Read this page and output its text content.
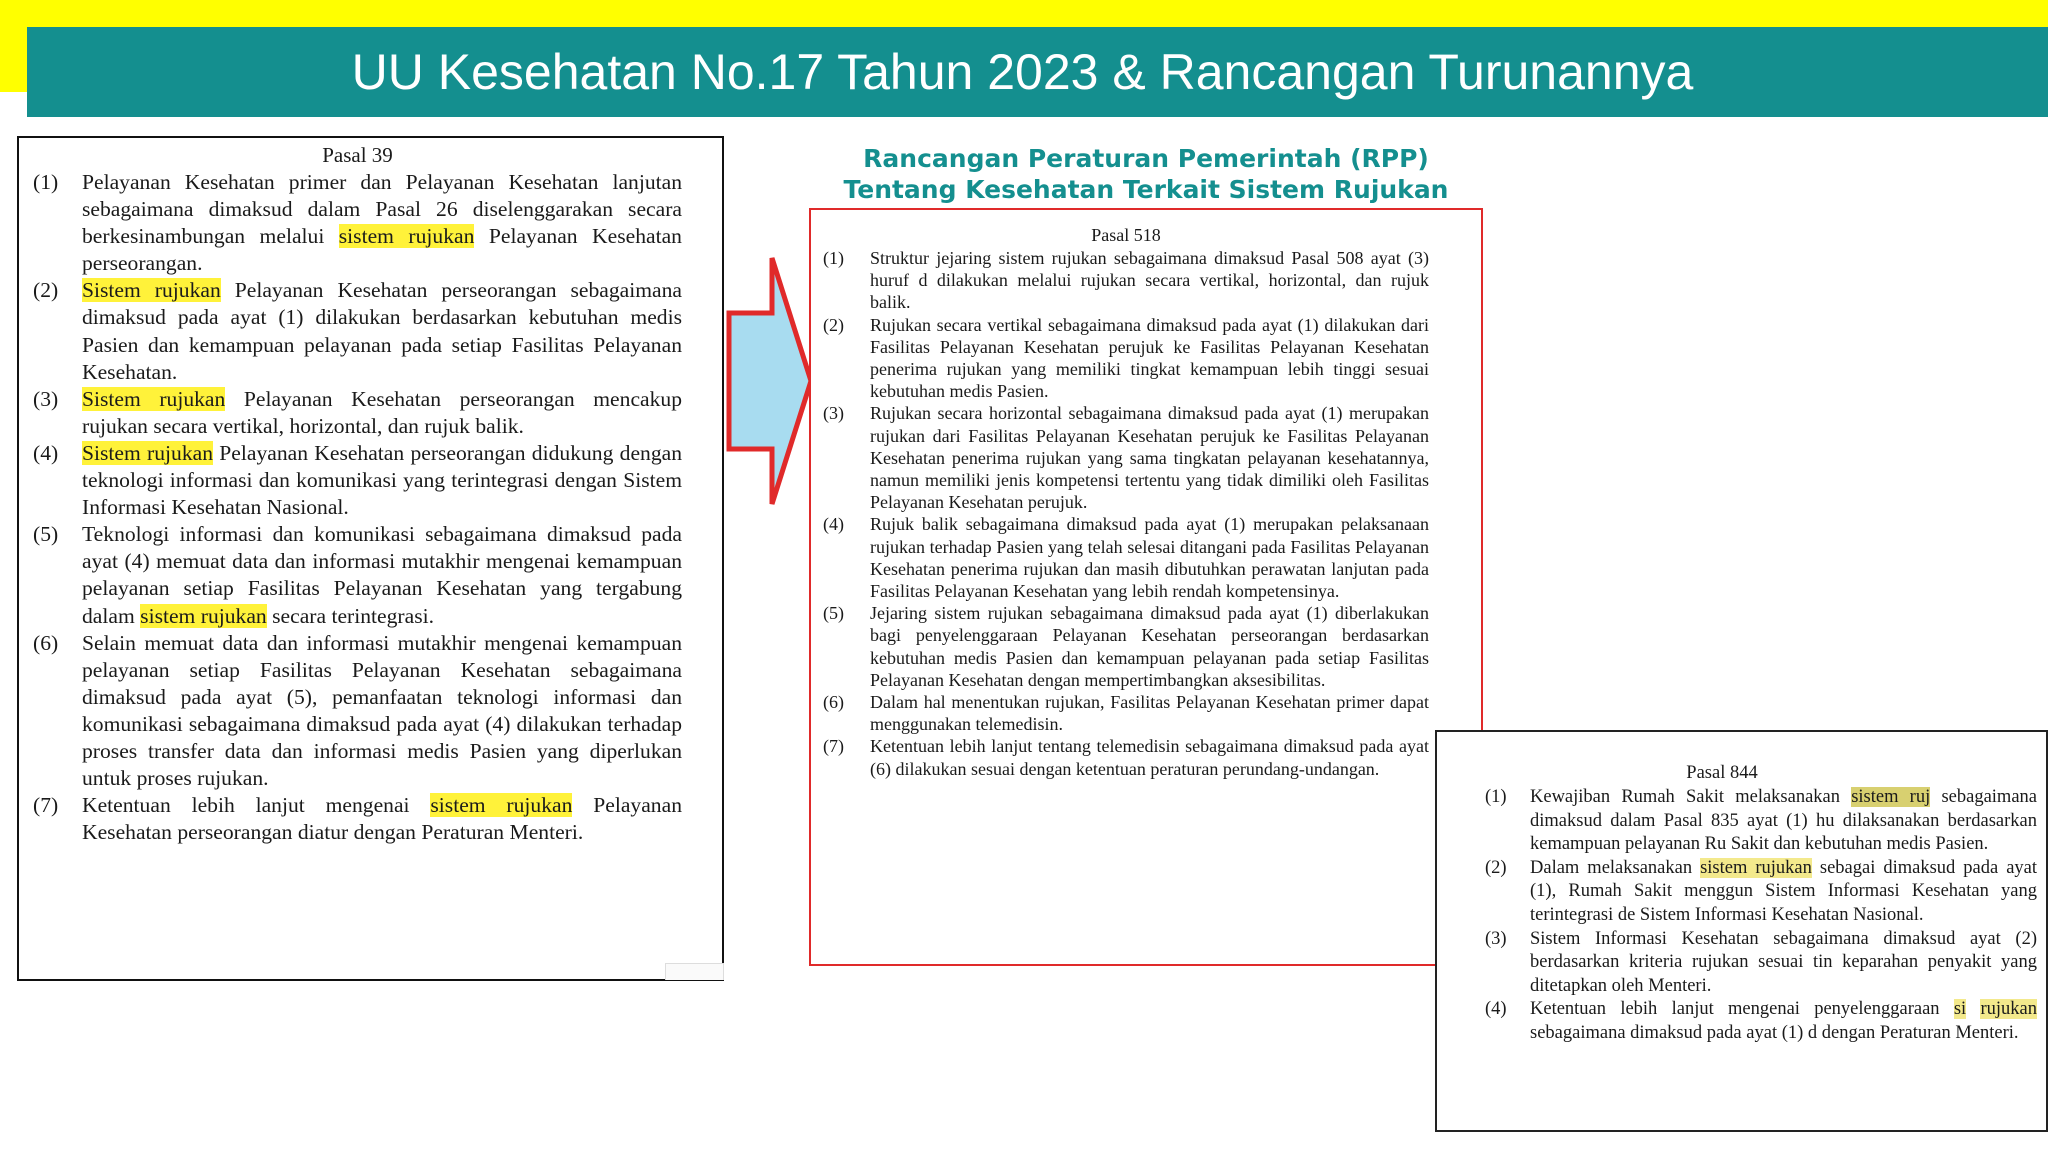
UU Kesehatan No.17 Tahun 2023 & Rancangan Turunannya

Pasal 39

(1)	Pelayanan Kesehatan primer dan Pelayanan Kesehatan lanjutan sebagaimana dimaksud dalam Pasal 26 diselenggarakan secara berkesinambungan melalui sistem rujukan Pelayanan Kesehatan perseorangan.
(2)	Sistem rujukan Pelayanan Kesehatan perseorangan sebagaimana dimaksud pada ayat (1) dilakukan berdasarkan kebutuhan medis Pasien dan kemampuan pelayanan pada setiap Fasilitas Pelayanan Kesehatan.
(3)	Sistem rujukan Pelayanan Kesehatan perseorangan mencakup rujukan secara vertikal, horizontal, dan rujuk balik.
(4)	Sistem rujukan Pelayanan Kesehatan perseorangan didukung dengan teknologi informasi dan komunikasi yang terintegrasi dengan Sistem Informasi Kesehatan Nasional.
(5)	Teknologi informasi dan komunikasi sebagaimana dimaksud pada ayat (4) memuat data dan informasi mutakhir mengenai kemampuan pelayanan setiap Fasilitas Pelayanan Kesehatan yang tergabung dalam sistem rujukan secara terintegrasi.
(6)	Selain memuat data dan informasi mutakhir mengenai kemampuan pelayanan setiap Fasilitas Pelayanan Kesehatan sebagaimana dimaksud pada ayat (5), pemanfaatan teknologi informasi dan komunikasi sebagaimana dimaksud pada ayat (4) dilakukan terhadap proses transfer data dan informasi medis Pasien yang diperlukan untuk proses rujukan.
(7)	Ketentuan lebih lanjut mengenai sistem rujukan Pelayanan Kesehatan perseorangan diatur dengan Peraturan Menteri.
Rancangan Peraturan Pemerintah (RPP)
Tentang Kesehatan Terkait Sistem Rujukan

Pasal 518

(1)	Struktur jejaring sistem rujukan sebagaimana dimaksud Pasal 508 ayat (3) huruf d dilakukan melalui rujukan secara vertikal, horizontal, dan rujuk balik.
(2)	Rujukan secara vertikal sebagaimana dimaksud pada ayat (1) dilakukan dari Fasilitas Pelayanan Kesehatan perujuk ke Fasilitas Pelayanan Kesehatan penerima rujukan yang memiliki tingkat kemampuan lebih tinggi sesuai kebutuhan medis Pasien.
(3)	Rujukan secara horizontal sebagaimana dimaksud pada ayat (1) merupakan rujukan dari Fasilitas Pelayanan Kesehatan perujuk ke Fasilitas Pelayanan Kesehatan penerima rujukan yang sama tingkatan pelayanan kesehatannya, namun memiliki jenis kompetensi tertentu yang tidak dimiliki oleh Fasilitas Pelayanan Kesehatan perujuk.
(4)	Rujuk balik sebagaimana dimaksud pada ayat (1) merupakan pelaksanaan rujukan terhadap Pasien yang telah selesai ditangani pada Fasilitas Pelayanan Kesehatan penerima rujukan dan masih dibutuhkan perawatan lanjutan pada Fasilitas Pelayanan Kesehatan yang lebih rendah kompetensinya.
(5)	Jejaring sistem rujukan sebagaimana dimaksud pada ayat (1) diberlakukan bagi penyelenggaraan Pelayanan Kesehatan perseorangan berdasarkan kebutuhan medis Pasien dan kemampuan pelayanan pada setiap Fasilitas Pelayanan Kesehatan dengan mempertimbangkan aksesibilitas.
(6)	Dalam hal menentukan rujukan, Fasilitas Pelayanan Kesehatan primer dapat menggunakan telemedisin.
(7)	Ketentuan lebih lanjut tentang telemedisin sebagaimana dimaksud pada ayat (6) dilakukan sesuai dengan ketentuan peraturan perundang-undangan.	Pasal 844

(1)	Kewajiban Rumah Sakit melaksanakan sistem ruj sebagaimana dimaksud dalam Pasal 835 ayat (1) hu dilaksanakan berdasarkan kemampuan pelayanan Ru Sakit dan kebutuhan medis Pasien.
(2)	Dalam melaksanakan sistem rujukan sebagai dimaksud pada ayat (1), Rumah Sakit menggun Sistem Informasi Kesehatan yang terintegrasi de Sistem Informasi Kesehatan Nasional.
(3)	Sistem Informasi Kesehatan sebagaimana dimaksud ayat (2) berdasarkan kriteria rujukan sesuai tin keparahan penyakit yang ditetapkan oleh Menteri.
(4)	Ketentuan lebih lanjut mengenai penyelenggaraan si rujukan sebagaimana dimaksud pada ayat (1) d dengan Peraturan Menteri.
